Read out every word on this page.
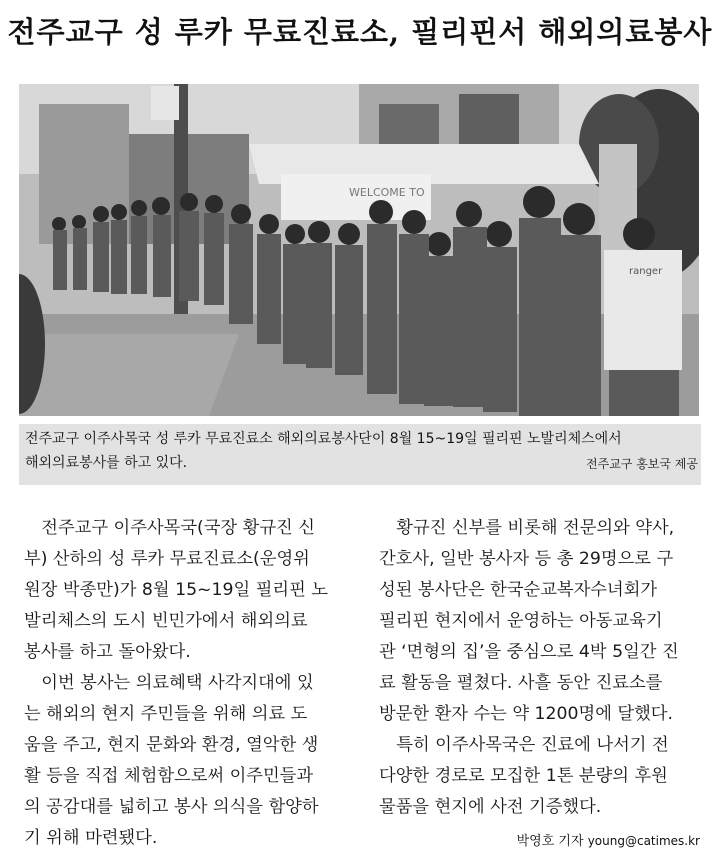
전주교구 성 루카 무료진료소, 필리핀서 해외의료봉사
WELCOME TO
ranger
전주교구 이주사목국 성 루카 무료진료소 해외의료봉사단이 8월 15~19일 필리핀 노발리체스에서
해외의료봉사를 하고 있다.	전주교구 홍보국 제공

　전주교구 이주사목국(국장 황규진 신

부) 산하의 성 루카 무료진료소(운영위

원장 박종만)가 8월 15~19일 필리핀 노

발리체스의 도시 빈민가에서 해외의료

봉사를 하고 돌아왔다.

　이번 봉사는 의료혜택 사각지대에 있

는 해외의 현지 주민들을 위해 의료 도

움을 주고, 현지 문화와 환경, 열악한 생

활 등을 직접 체험함으로써 이주민들과

의 공감대를 넓히고 봉사 의식을 함양하

기 위해 마련됐다.

　황규진 신부를 비롯해 전문의와 약사,

간호사, 일반 봉사자 등 총 29명으로 구

성된 봉사단은 한국순교복자수녀회가

필리핀 현지에서 운영하는 아동교육기

관 ‘면형의 집’을 중심으로 4박 5일간 진

료 활동을 펼쳤다. 사흘 동안 진료소를

방문한 환자 수는 약 1200명에 달했다.

　특히 이주사목국은 진료에 나서기 전

다양한 경로로 모집한 1톤 분량의 후원

물품을 현지에 사전 기증했다.

박영호 기자 young@catimes.kr
